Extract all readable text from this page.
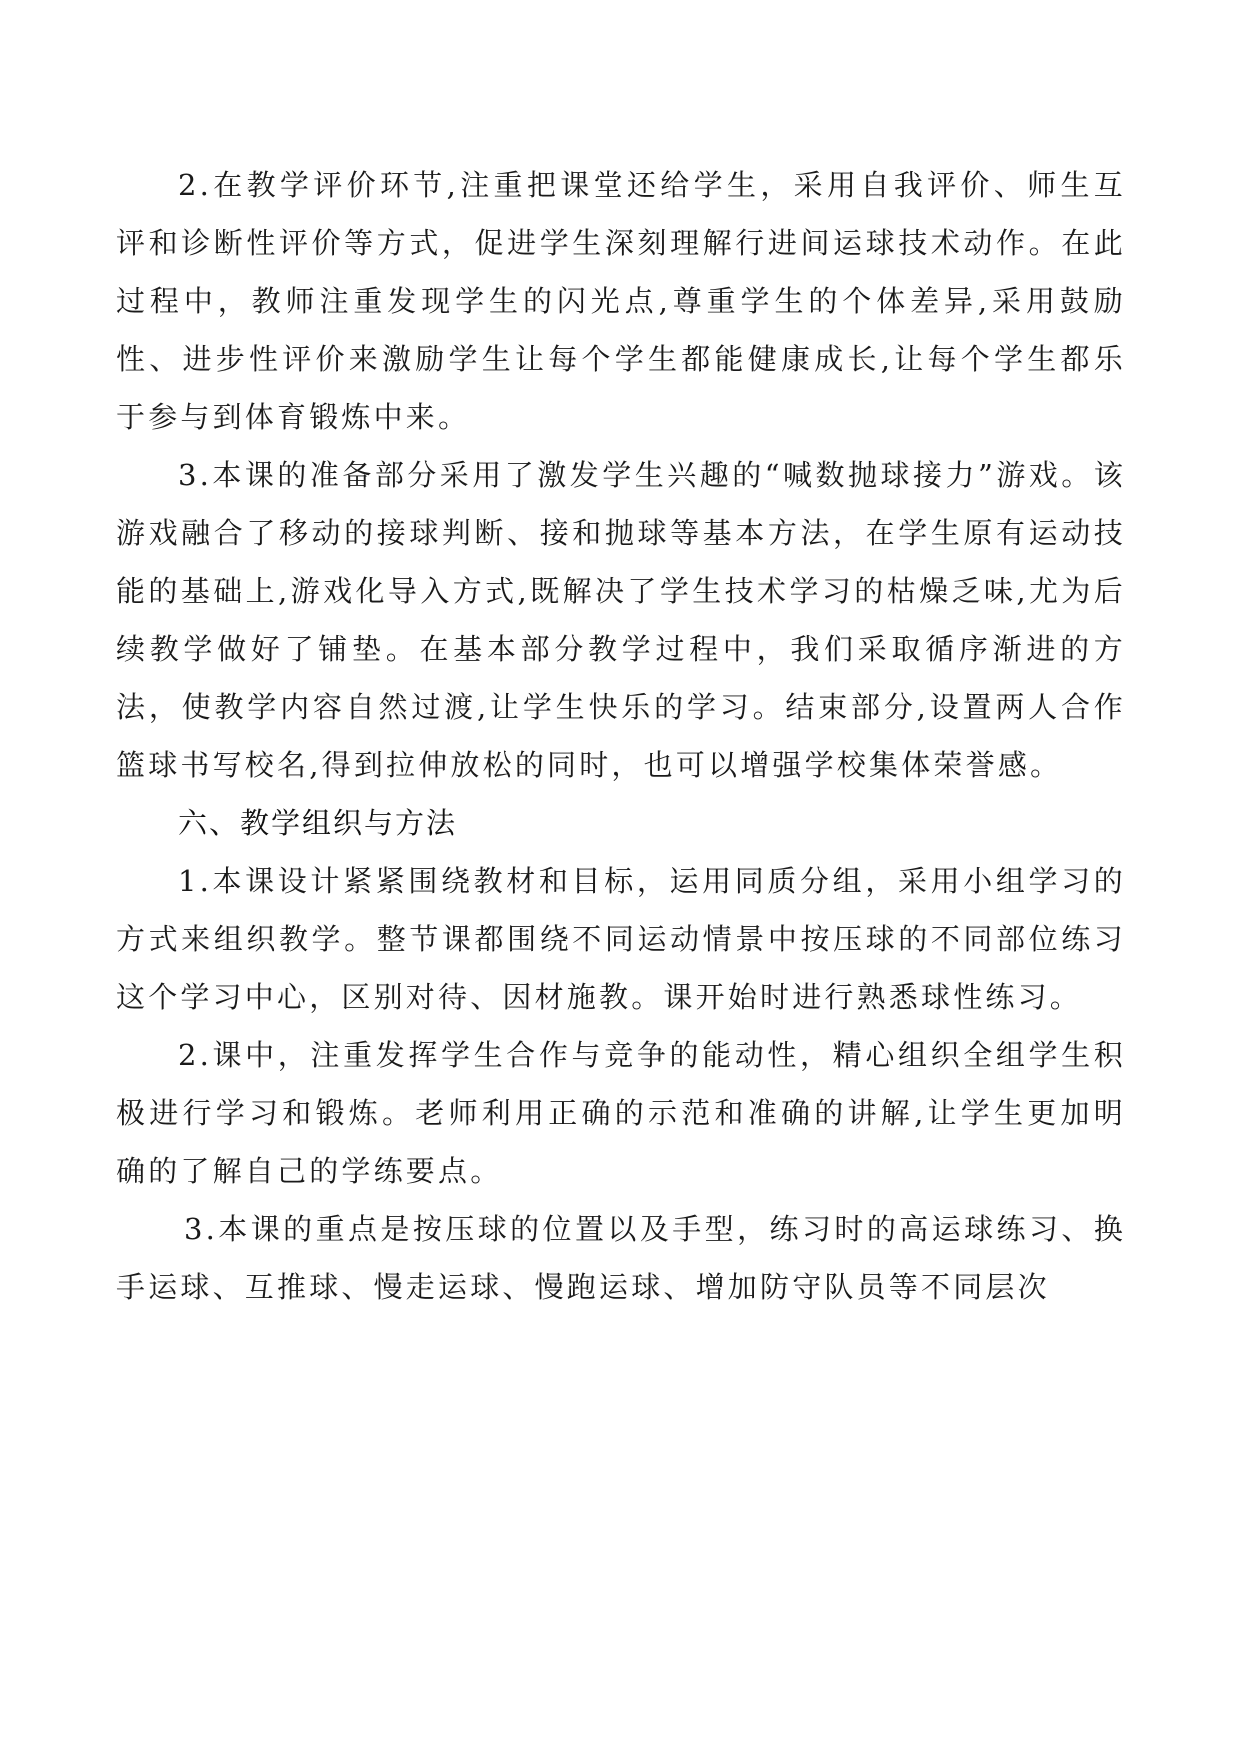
2.在教学评价环节,注重把课堂还给学生，采用自我评价、师生互评和诊断性评价等方式，促进学生深刻理解行进间运球技术动作。在此过程中，教师注重发现学生的闪光点,尊重学生的个体差异,采用鼓励性、进步性评价来激励学生让每个学生都能健康成长,让每个学生都乐于参与到体育锻炼中来。

3.本课的准备部分采用了激发学生兴趣的“喊数抛球接力”游戏。该游戏融合了移动的接球判断、接和抛球等基本方法，在学生原有运动技能的基础上,游戏化导入方式,既解决了学生技术学习的枯燥乏味,尤为后续教学做好了铺垫。在基本部分教学过程中，我们采取循序渐进的方法，使教学内容自然过渡,让学生快乐的学习。结束部分,设置两人合作篮球书写校名,得到拉伸放松的同时，也可以增强学校集体荣誉感。

六、教学组织与方法

1.本课设计紧紧围绕教材和目标，运用同质分组，采用小组学习的方式来组织教学。整节课都围绕不同运动情景中按压球的不同部位练习这个学习中心，区别对待、因材施教。课开始时进行熟悉球性练习。

2.课中，注重发挥学生合作与竞争的能动性，精心组织全组学生积极进行学习和锻炼。老师利用正确的示范和准确的讲解,让学生更加明确的了解自己的学练要点。

3.本课的重点是按压球的位置以及手型，练习时的高运球练习、换手运球、互推球、慢走运球、慢跑运球、增加防守队员等不同层次
